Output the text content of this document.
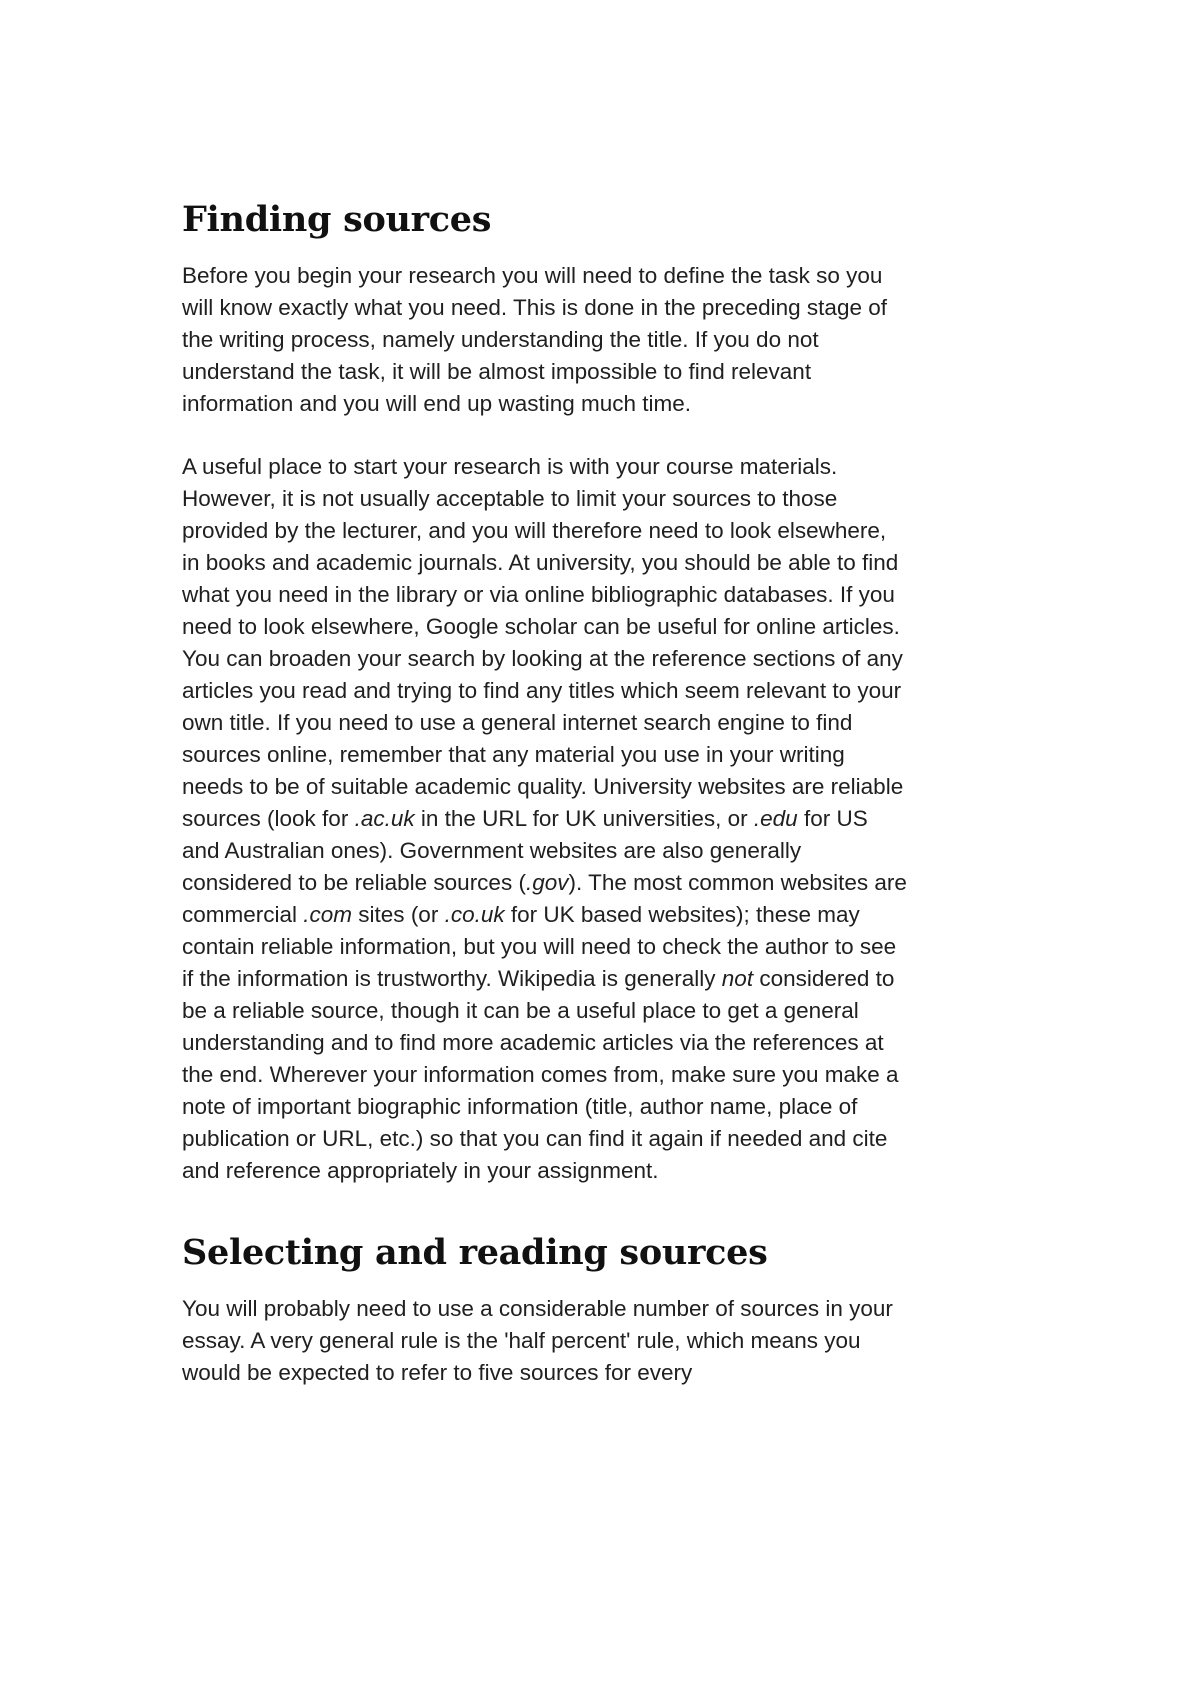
Finding sources

Before you begin your research you will need to define the task so you will know exactly what you need. This is done in the preceding stage of the writing process, namely understanding the title. If you do not understand the task, it will be almost impossible to find relevant information and you will end up wasting much time.

A useful place to start your research is with your course materials. However, it is not usually acceptable to limit your sources to those provided by the lecturer, and you will therefore need to look elsewhere, in books and academic journals. At university, you should be able to find what you need in the library or via online bibliographic databases. If you need to look elsewhere, Google scholar can be useful for online articles. You can broaden your search by looking at the reference sections of any articles you read and trying to find any titles which seem relevant to your own title. If you need to use a general internet search engine to find sources online, remember that any material you use in your writing needs to be of suitable academic quality. University websites are reliable sources (look for .ac.uk in the URL for UK universities, or .edu for US and Australian ones). Government websites are also generally considered to be reliable sources (.gov). The most common websites are commercial .com sites (or .co.uk for UK based websites); these may contain reliable information, but you will need to check the author to see if the information is trustworthy. Wikipedia is generally not considered to be a reliable source, though it can be a useful place to get a general understanding and to find more academic articles via the references at the end. Wherever your information comes from, make sure you make a note of important biographic information (title, author name, place of publication or URL, etc.) so that you can find it again if needed and cite and reference appropriately in your assignment.

Selecting and reading sources

You will probably need to use a considerable number of sources in your essay. A very general rule is the 'half percent' rule, which means you would be expected to refer to five sources for every
